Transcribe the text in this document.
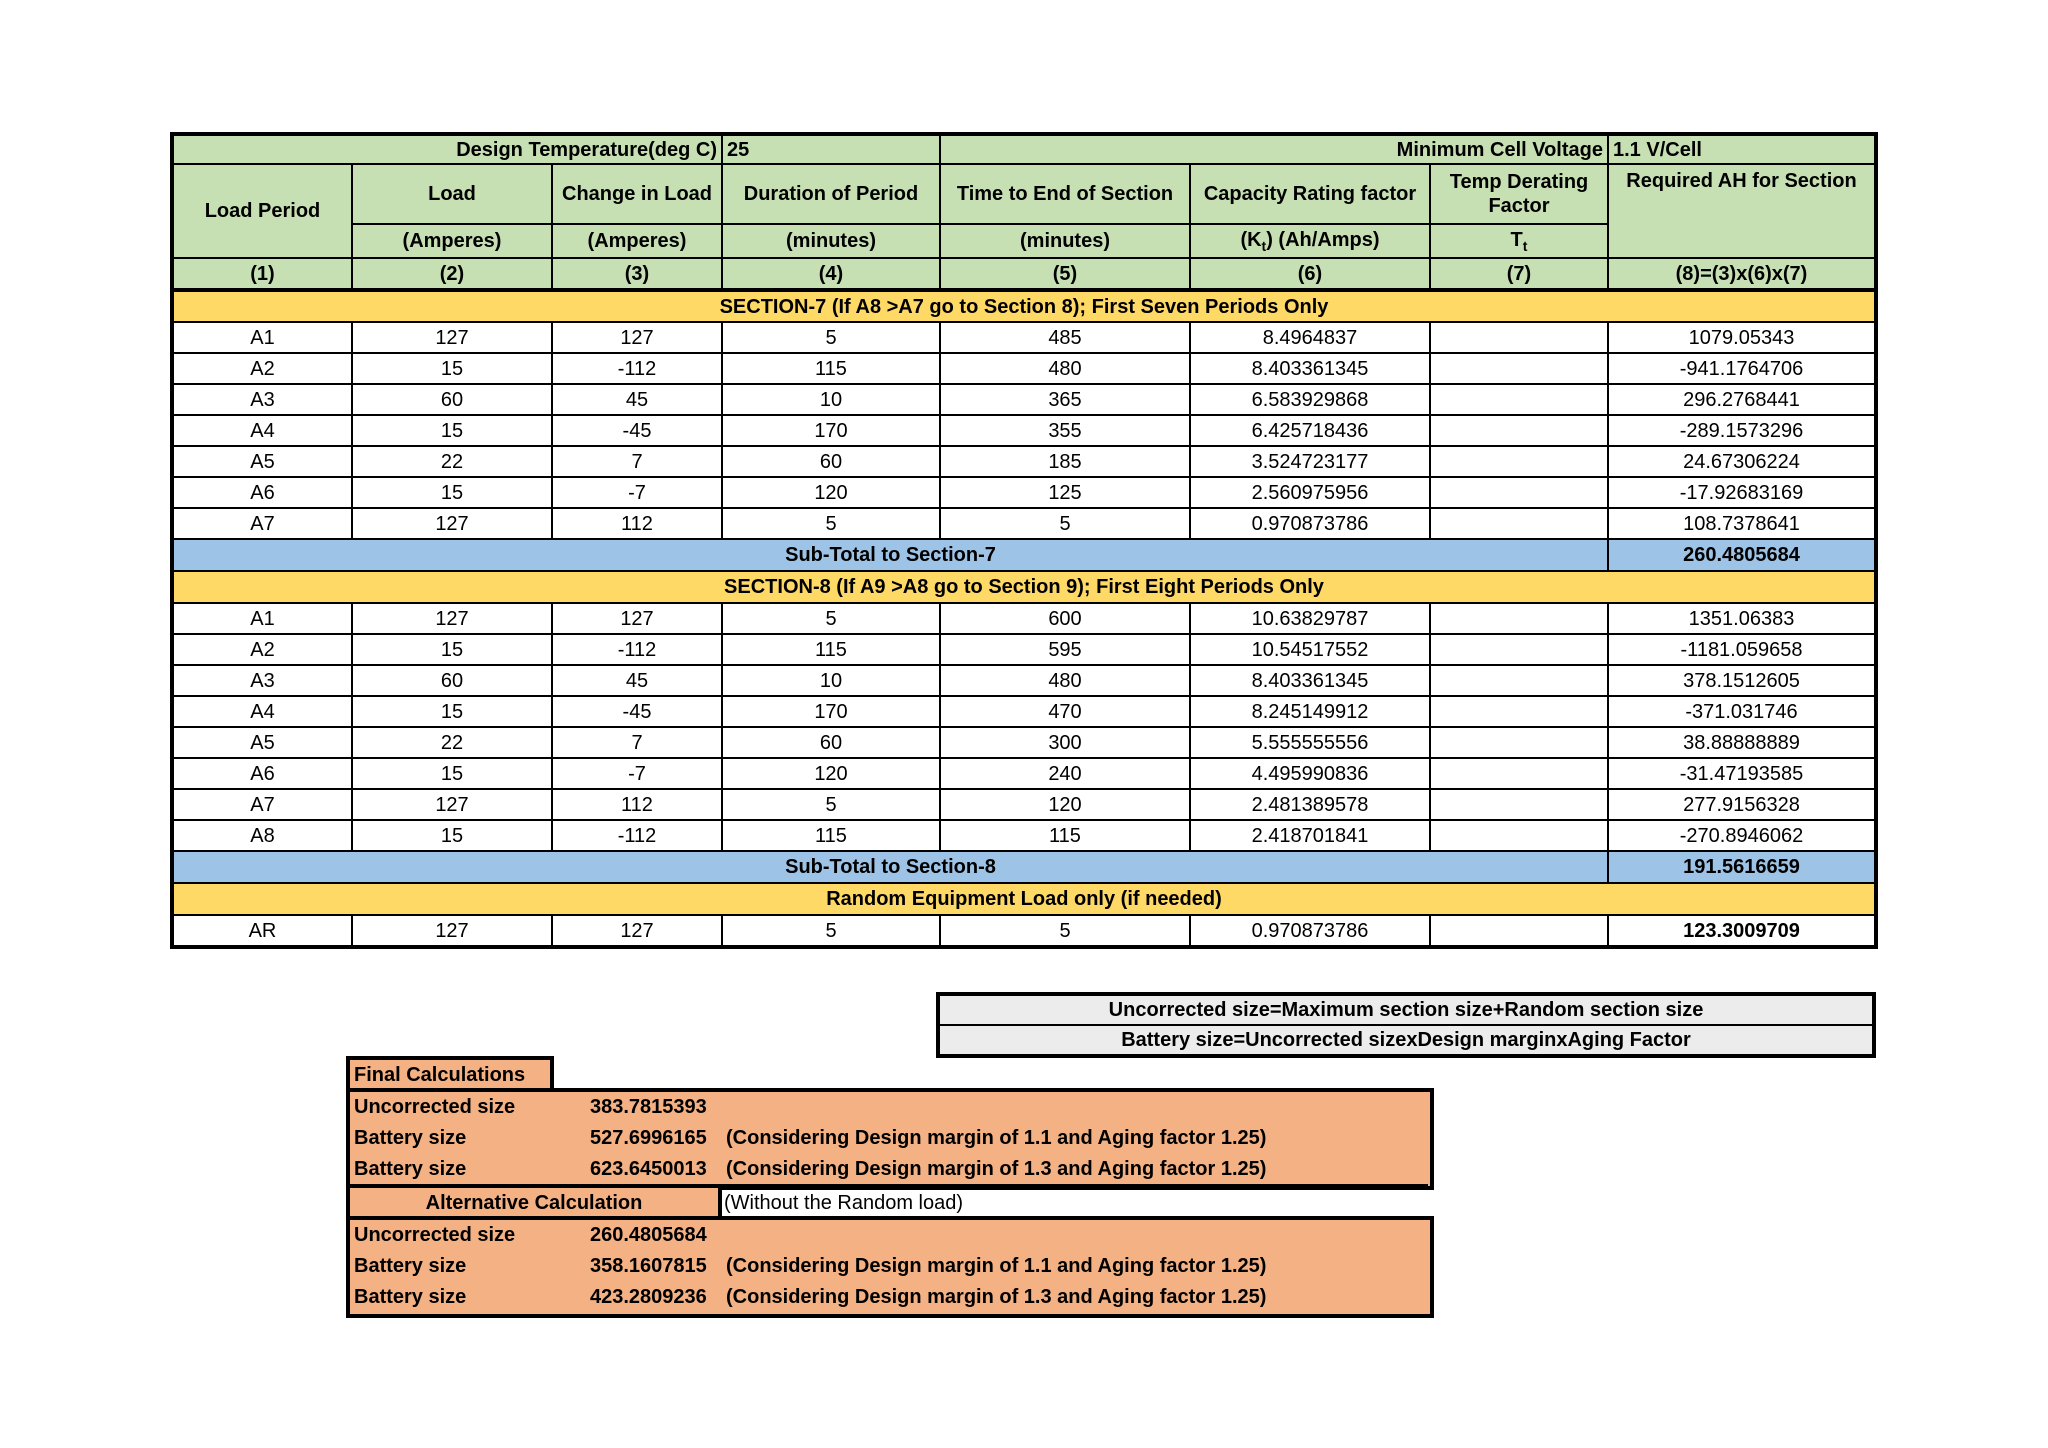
Design Temperature(deg C)			25	Minimum Cell Voltage			1.1 V/Cell
Load Period	Load	Change in Load	Duration of Period	Time to End of Section	Capacity Rating factor	Temp Derating Factor	Required AH for Section
	(Amperes)	(Amperes)	(minutes)	(minutes)	$(K_t)$ (Ah/Amps)	$T_t$
(1)	(2)	(3)	(4)	(5)	(6)	(7)	(8)=(3)x(6)x(7)
SECTION-7 (If A8 >A7 go to Section 8); First Seven Periods Only							
A1	127	127	5	485	8.4964837		1079.05343
A2	15	-112	115	480	8.403361345		-941.1764706
A3	60	45	10	365	6.583929868		296.2768441
A4	15	-45	170	355	6.425718436		-289.1573296
A5	22	7	60	185	3.524723177		24.67306224
A6	15	-7	120	125	2.560975956		-17.92683169
A7	127	112	5	5	0.970873786		108.7378641
Sub-Total to Section-7							260.4805684
SECTION-8 (If A9 >A8 go to Section 9); First Eight Periods Only							
A1	127	127	5	600	10.63829787		1351.06383
A2	15	-112	115	595	10.54517552		-1181.059658
A3	60	45	10	480	8.403361345		378.1512605
A4	15	-45	170	470	8.245149912		-371.031746
A5	22	7	60	300	5.555555556		38.88888889
A6	15	-7	120	240	4.495990836		-31.47193585
A7	127	112	5	120	2.481389578		277.9156328
A8	15	-112	115	115	2.418701841		-270.8946062
Sub-Total to Section-8							191.5616659
Random Equipment Load only (if needed)							
AR	127	127	5	5	0.970873786		123.3009709
Uncorrected size=Maximum section size+Random section size
Battery size=Uncorrected sizexDesign marginxAging Factor
Final Calculations
Uncorrected size	383.7815393
Battery size	527.6996165 (Considering Design margin of 1.1 and Aging factor 1.25)
Battery size	623.6450013 (Considering Design margin of 1.3 and Aging factor 1.25)
Alternative Calculation	(Without the Random load)
Uncorrected size	260.4805684
Battery size	358.1607815 (Considering Design margin of 1.1 and Aging factor 1.25)
Battery size	423.2809236 (Considering Design margin of 1.3 and Aging factor 1.25)
